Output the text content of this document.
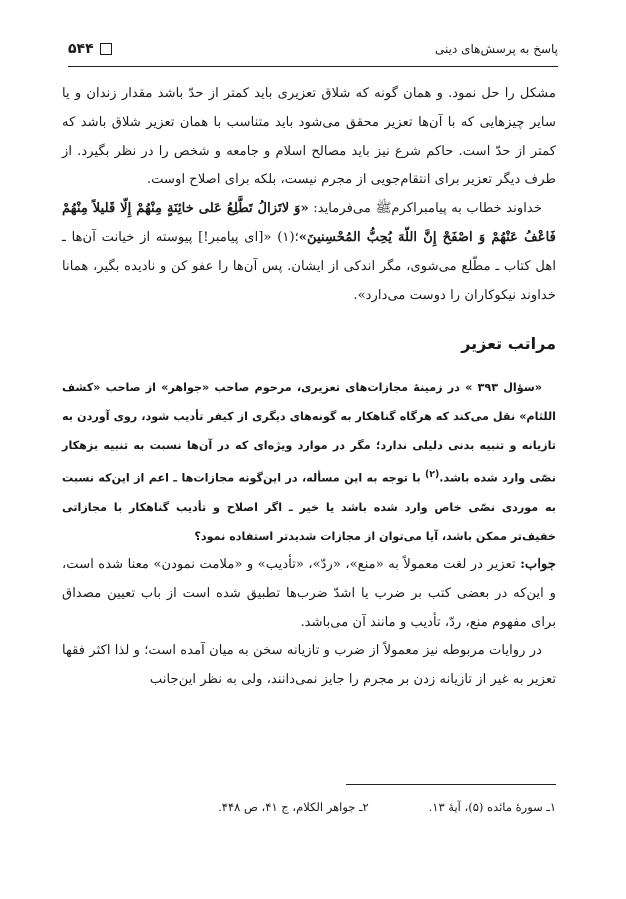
۵۴۴	پاسخ به پرسش‌های دینی

مشکل را حل نمود. و همان گونه که شلاق تعزیری باید کمتر از حدّ باشد مقدار زندان و یا سایر چیزهایی که با آن‌ها تعزیر محقق می‌شود باید متناسب با همان تعزیر شلاق باشد که کمتر از حدّ است. حاکم شرع نیز باید مصالح اسلام و جامعه و شخص را در نظر بگیرد. از طرف دیگر تعزیر برای انتقام‌جویی از مجرم نیست، بلکه برای اصلاح اوست.

خداوند خطاب به پیامبراکرمﷺ می‌فرماید: «وَ لاتَزالُ تَطَّلِعُ عَلى خائِنَةٍ مِنْهُمْ إِلّا قَلیلاً مِنْهُمْ فَاعْفُ عَنْهُمْ وَ اصْفَحْ إِنَّ اللّهَ یُحِبُّ المُحْسِنینَ»؛(۱) «[ای پیامبر!] پیوسته از خیانت آن‌ها ـ اهل کتاب ـ مطّلع می‌شوی، مگر اندکی از ایشان. پس آن‌ها را عفو کن و نادیده بگیر، همانا خداوند نیکوکاران را دوست می‌دارد».

مراتب تعزیر

«سؤال ۳۹۳ » در زمینهٔ مجازات‌های تعزیری، مرحوم صاحب «جواهر» از صاحب «کشف اللثام» نقل می‌کند که هرگاه گناهکار به گونه‌های دیگری از کیفر تأدیب شود، روی آوردن به تازیانه و تنبیه بدنی دلیلی ندارد؛ مگر در موارد ویژه‌ای که در آن‌ها نسبت به تنبیه بزهکار نصّی وارد شده باشد.$^{(۲)}$ با توجه به این مسأله، در این‌گونه مجازات‌ها ـ اعم از این‌که نسبت به موردی نصّی خاص وارد شده باشد یا خیر ـ اگر اصلاح و تأدیب گناهکار با مجازاتی خفیف‌تر ممکن باشد، آیا می‌توان از مجازات شدیدتر استفاده نمود؟

جواب: تعزیر در لغت معمولاً به «منع»، «ردّ»، «تأدیب» و «ملامت نمودن» معنا شده است، و این‌که در بعضی کتب بر ضرب یا اشدّ ضرب‌ها تطبیق شده است از باب تعیین مصداق برای مفهوم منع، ردّ، تأدیب و مانند آن می‌باشد.

در روایات مربوطه نیز معمولاً از ضرب و تازیانه سخن به میان آمده است؛ و لذا اکثر فقها تعزیر به غیر از تازیانه زدن بر مجرم را جایز نمی‌دانند، ولی به نظر این‌جانب

۱ـ سورهٔ مائده (۵)، آیهٔ ۱۳.
۲ـ جواهر الکلام، ج ۴۱، ص ۴۴۸.
